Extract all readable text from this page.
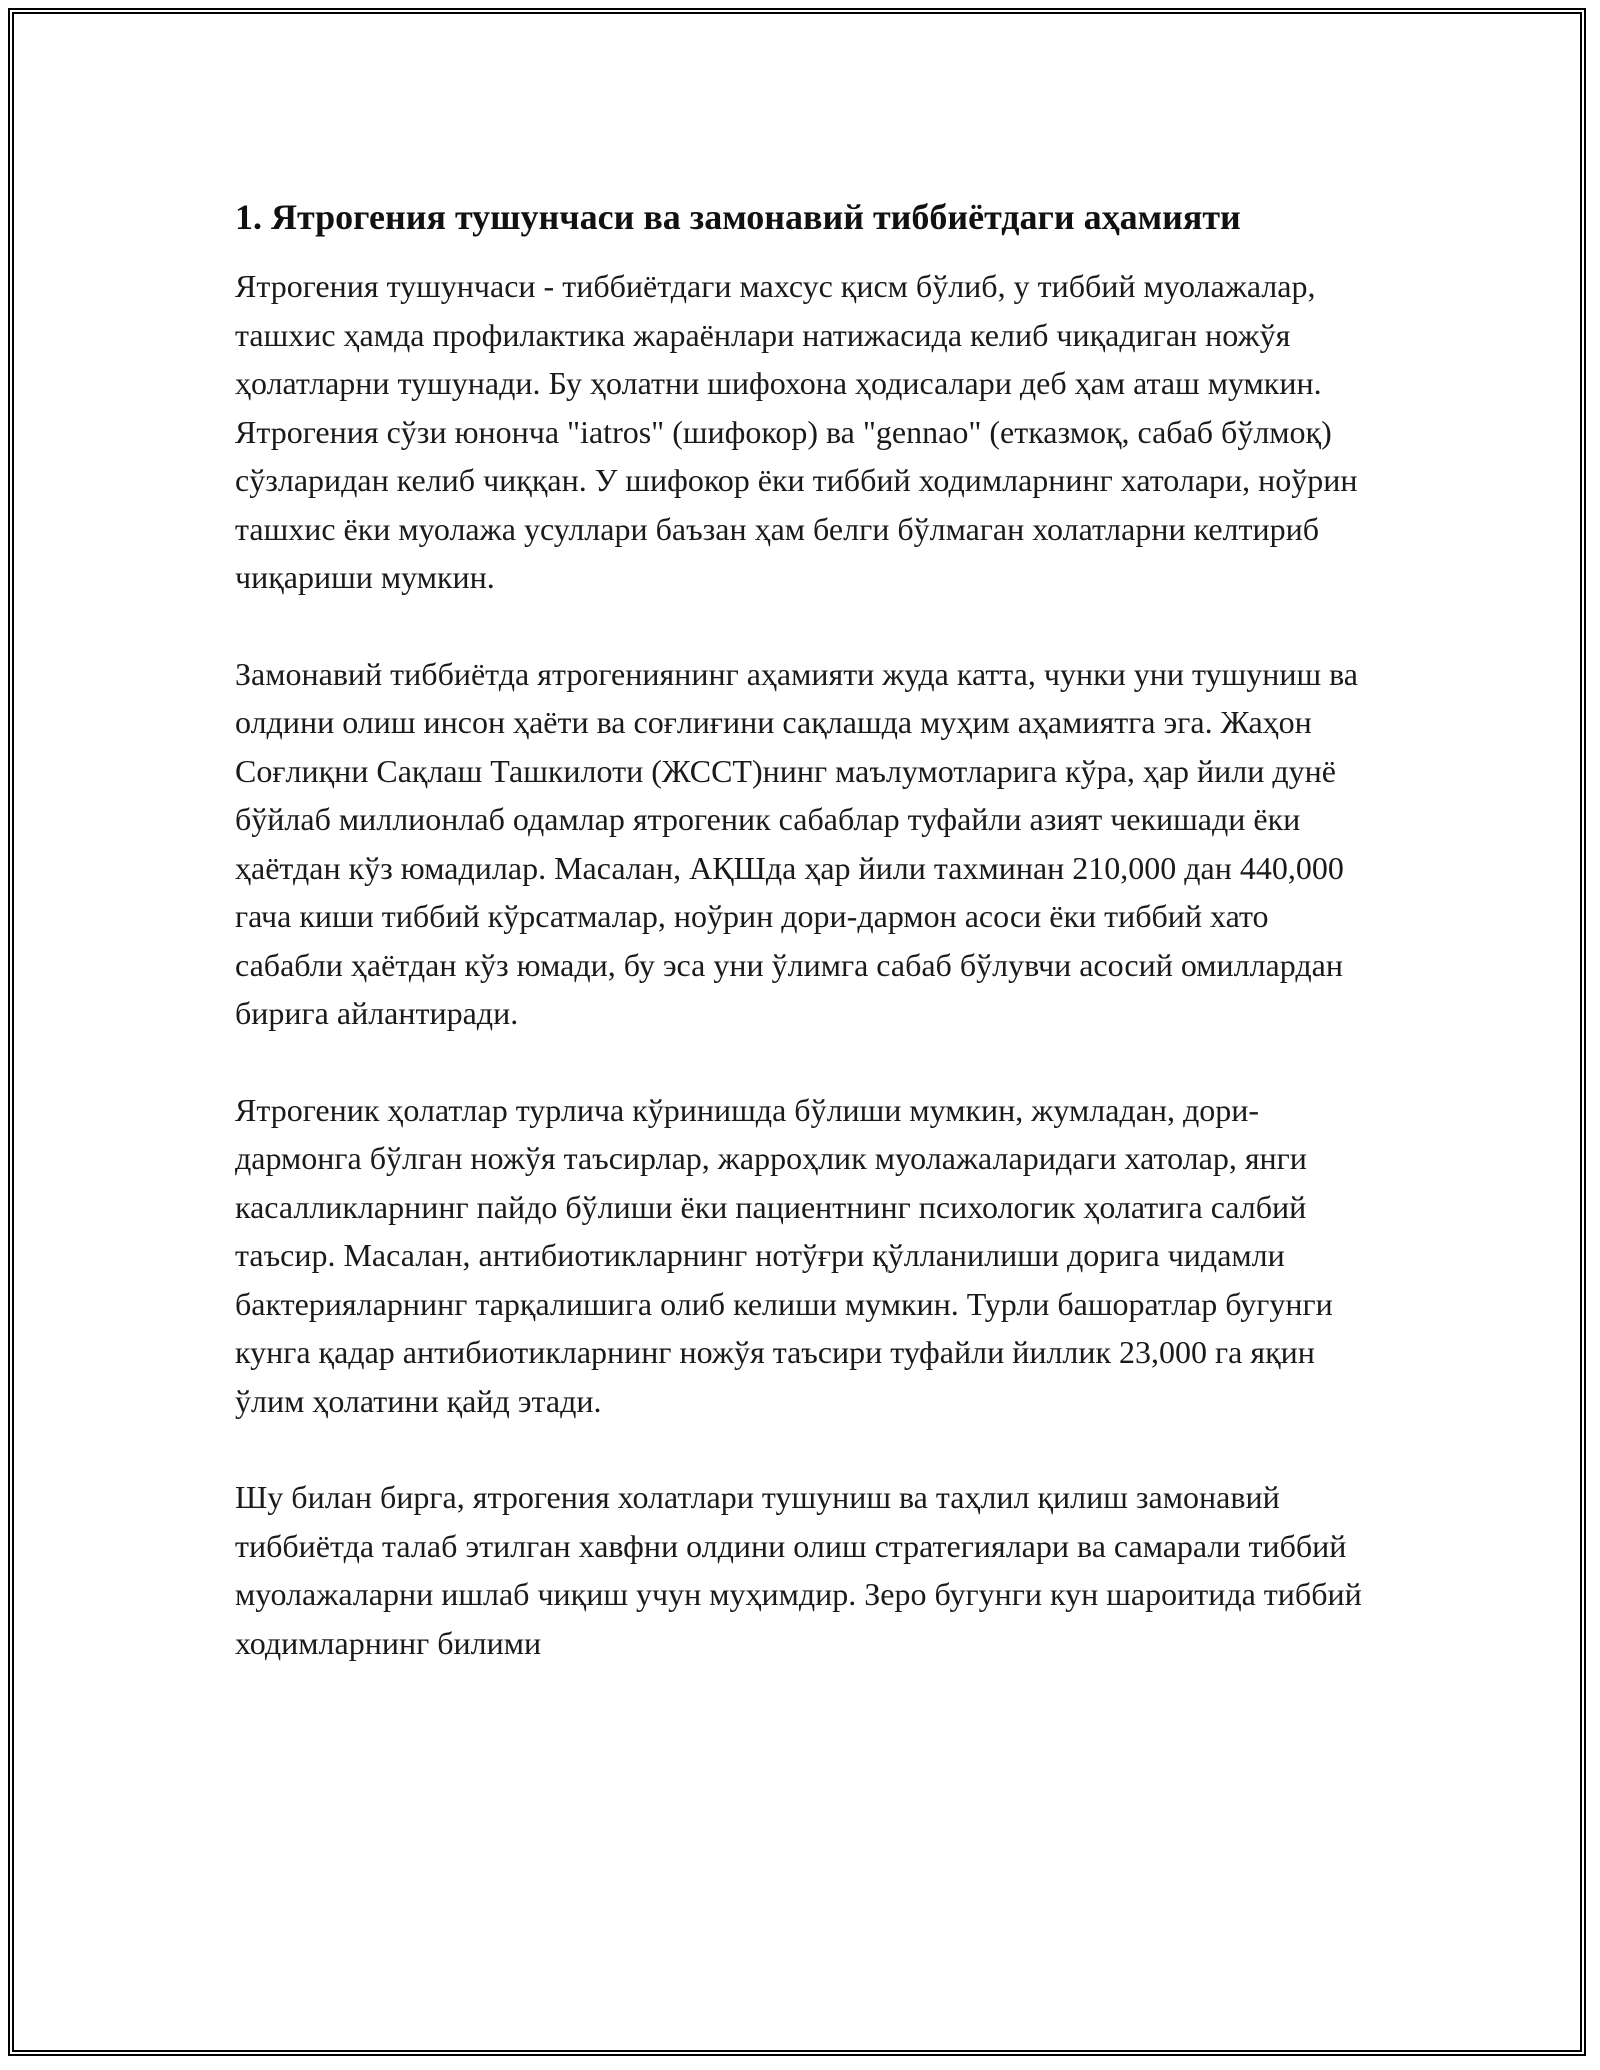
1. Ятрогения тушунчаси ва замонавий тиббиётдаги аҳамияти

Ятрогения тушунчаси - тиббиётдаги махсус қисм бўлиб, у тиббий муолажалар, ташхис ҳамда профилактика жараёнлари натижасида келиб чиқадиган ножўя ҳолатларни тушунади. Бу ҳолатни шифохона ҳодисалари деб ҳам аташ мумкин. Ятрогения сўзи юнонча "iatros" (шифокор) ва "gennao" (етказмоқ, сабаб бўлмоқ) сўзларидан келиб чиққан. У шифокор ёки тиббий ходимларнинг хатолари, ноўрин ташхис ёки муолажа усуллари баъзан ҳам белги бўлмаган холатларни келтириб чиқариши мумкин.

Замонавий тиббиётда ятрогениянинг аҳамияти жуда катта, чунки уни тушуниш ва олдини олиш инсон ҳаёти ва соғлиғини сақлашда муҳим аҳамиятга эга. Жаҳон Соғлиқни Сақлаш Ташкилоти (ЖССТ)нинг маълумотларига кўра, ҳар йили дунё бўйлаб миллионлаб одамлар ятрогеник сабаблар туфайли азият чекишади ёки ҳаётдан кўз юмадилар. Масалан, АҚШда ҳар йили тахминан 210,000 дан 440,000 гача киши тиббий кўрсатмалар, ноўрин дори-дармон асоси ёки тиббий хато сабабли ҳаётдан кўз юмади, бу эса уни ўлимга сабаб бўлувчи асосий омиллардан бирига айлантиради.

Ятрогеник ҳолатлар турлича кўринишда бўлиши мумкин, жумладан, дори-дармонга бўлган ножўя таъсирлар, жарроҳлик муолажаларидаги хатолар, янги касалликларнинг пайдо бўлиши ёки пациентнинг психологик ҳолатига салбий таъсир. Масалан, антибиотикларнинг нотўғри қўлланилиши дорига чидамли бактерияларнинг тарқалишига олиб келиши мумкин. Турли башоратлар бугунги кунга қадар антибиотикларнинг ножўя таъсири туфайли йиллик 23,000 га яқин ўлим ҳолатини қайд этади.

Шу билан бирга, ятрогения холатлари тушуниш ва таҳлил қилиш замонавий тиббиётда талаб этилган хавфни олдини олиш стратегиялари ва самарали тиббий муолажаларни ишлаб чиқиш учун муҳимдир. Зеро бугунги кун шароитида тиббий ходимларнинг билими
